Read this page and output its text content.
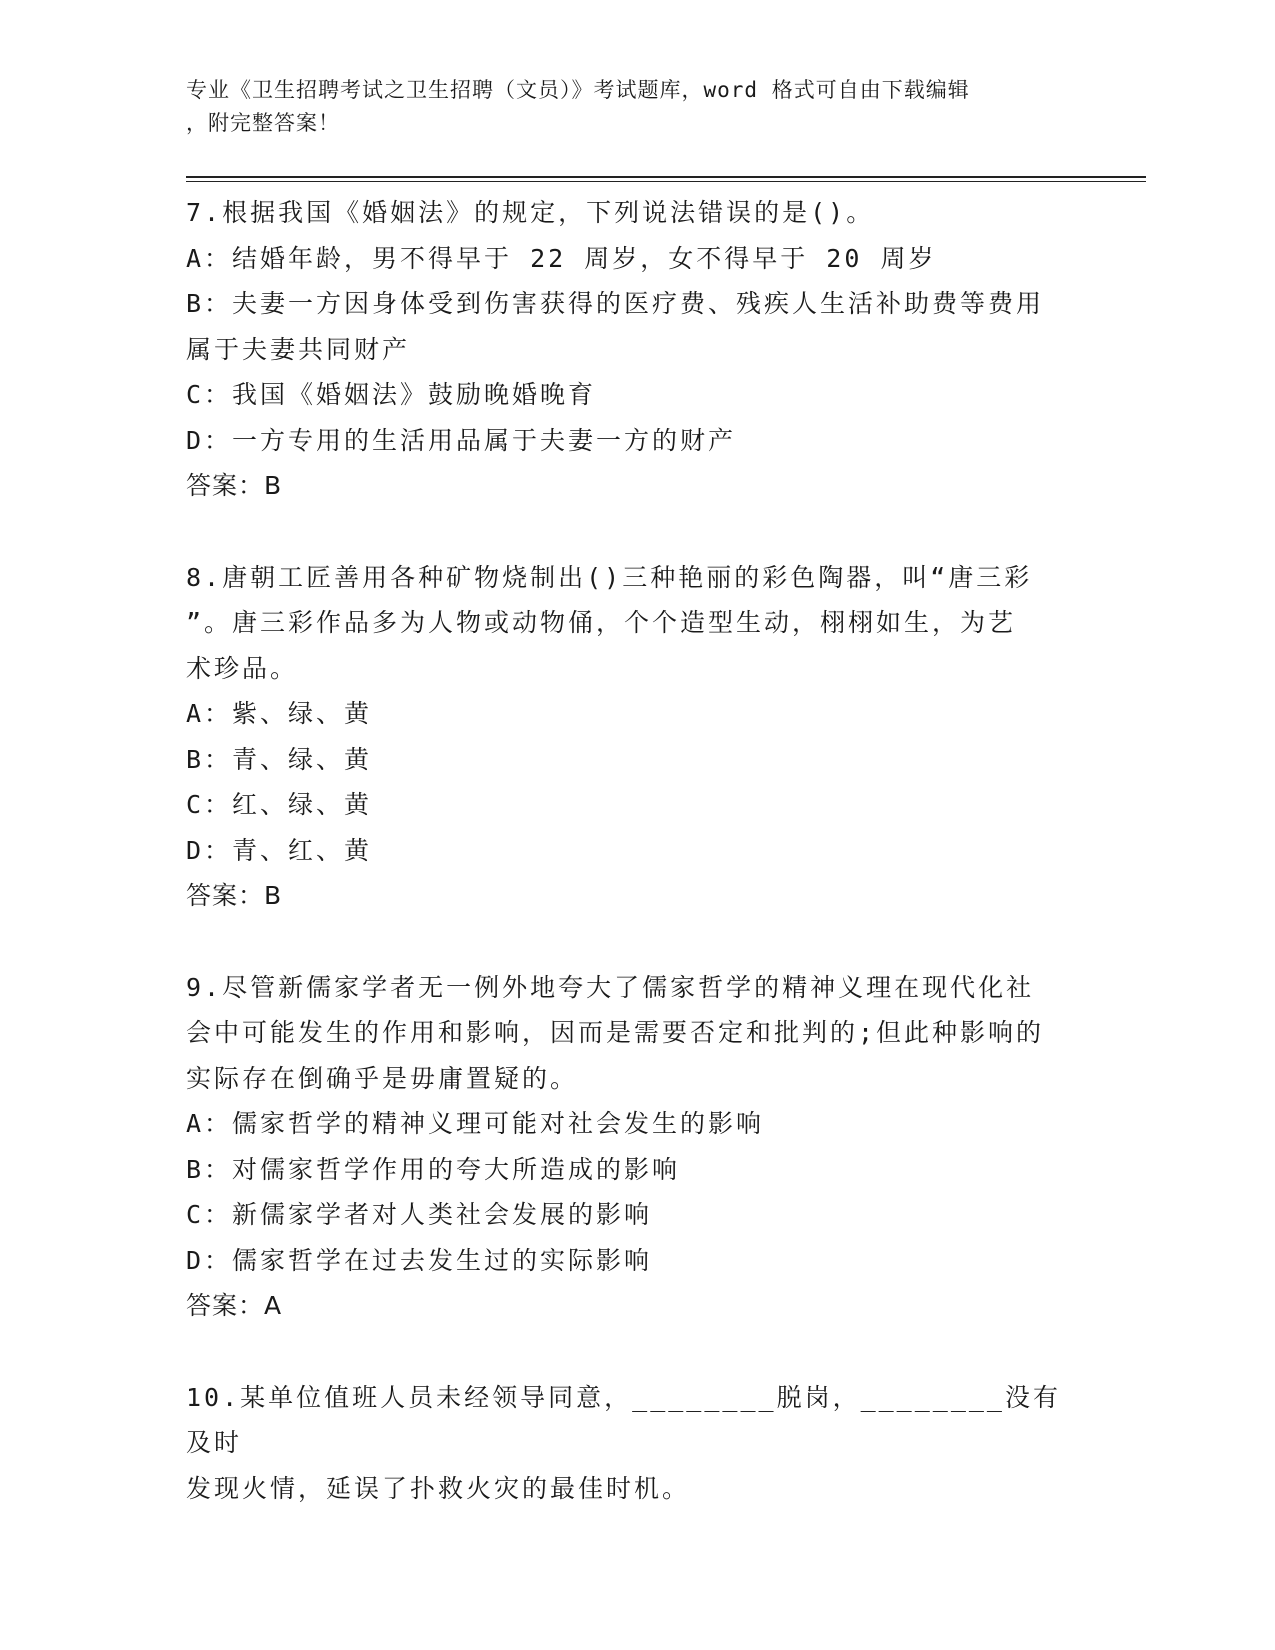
专业《卫生招聘考试之卫生招聘（文员）》考试题库，word 格式可自由下载编辑
，附完整答案！
7.根据我国《婚姻法》的规定，下列说法错误的是()。
A：结婚年龄，男不得早于 22 周岁，女不得早于 20 周岁
B：夫妻一方因身体受到伤害获得的医疗费、残疾人生活补助费等费用
属于夫妻共同财产
C：我国《婚姻法》鼓励晚婚晚育
D：一方专用的生活用品属于夫妻一方的财产
答案：B
8.唐朝工匠善用各种矿物烧制出()三种艳丽的彩色陶器，叫“唐三彩
”。唐三彩作品多为人物或动物俑，个个造型生动，栩栩如生，为艺
术珍品。
A：紫、绿、黄
B：青、绿、黄
C：红、绿、黄
D：青、红、黄
答案：B
9.尽管新儒家学者无一例外地夸大了儒家哲学的精神义理在现代化社
会中可能发生的作用和影响，因而是需要否定和批判的;但此种影响的
实际存在倒确乎是毋庸置疑的。
A：儒家哲学的精神义理可能对社会发生的影响
B：对儒家哲学作用的夸大所造成的影响
C：新儒家学者对人类社会发展的影响
D：儒家哲学在过去发生过的实际影响
答案：A
10.某单位值班人员未经领导同意，________脱岗，________没有及时
发现火情，延误了扑救火灾的最佳时机。
